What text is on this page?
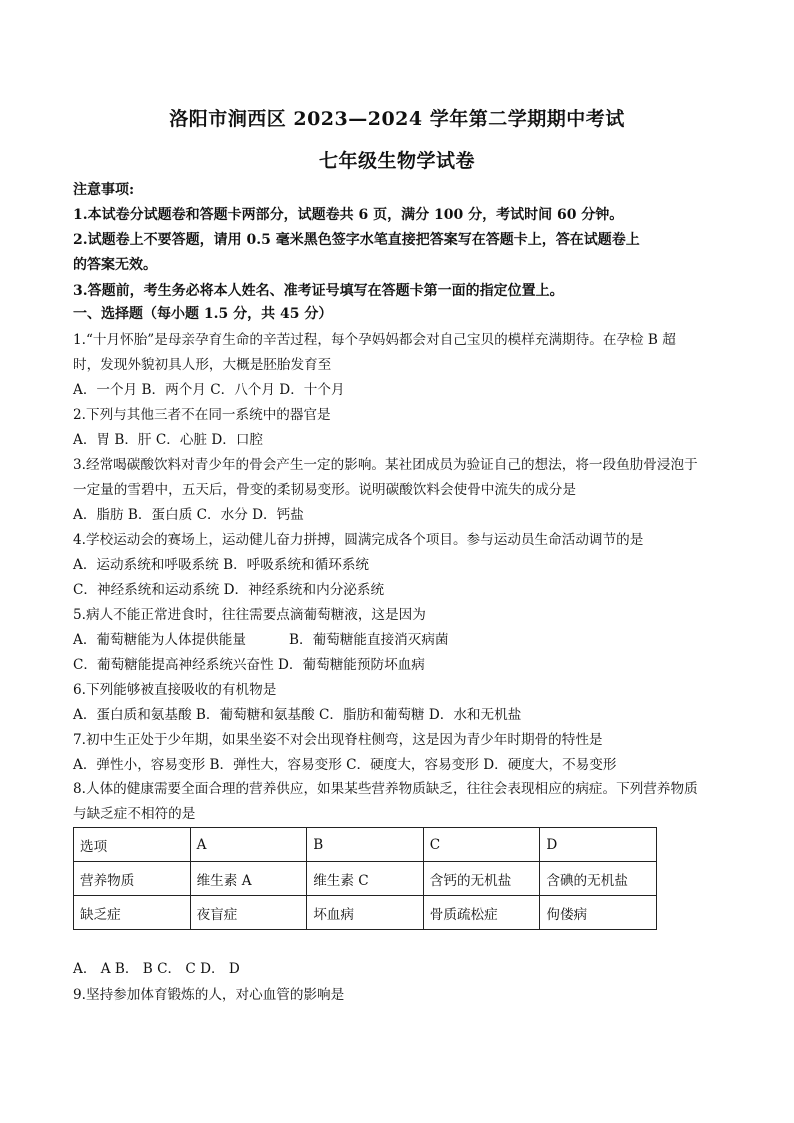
洛阳市涧西区 2023—2024 学年第二学期期中考试
七年级生物学试卷
注意事项:
1.本试卷分试题卷和答题卡两部分，试题卷共 6 页，满分 100 分，考试时间 60 分钟。
2.试题卷上不要答题，请用 0.5 毫米黑色签字水笔直接把答案写在答题卡上，答在试题卷上
的答案无效。
3.答题前，考生务必将本人姓名、准考证号填写在答题卡第一面的指定位置上。
一、选择题（每小题 1.5 分，共 45 分）
1.“十月怀胎”是母亲孕育生命的辛苦过程，每个孕妈妈都会对自己宝贝的模样充满期待。在孕检 B 超
时，发现外貌初具人形，大概是胚胎发育至
A．一个月 B．两个月 C．八个月 D．十个月
2.下列与其他三者不在同一系统中的器官是
A．胃 B．肝 C．心脏 D．口腔
3.经常喝碳酸饮料对青少年的骨会产生一定的影响。某社团成员为验证自己的想法，将一段鱼肋骨浸泡于
一定量的雪碧中，五天后，骨变的柔韧易变形。说明碳酸饮料会使骨中流失的成分是
A．脂肪 B．蛋白质 C．水分 D．钙盐
4.学校运动会的赛场上，运动健儿奋力拼搏，圆满完成各个项目。参与运动员生命活动调节的是
A．运动系统和呼吸系统 B．呼吸系统和循环系统
C．神经系统和运动系统 D．神经系统和内分泌系统
5.病人不能正常进食时，往往需要点滴葡萄糖液，这是因为
A．葡萄糖能为人体提供能量	B．葡萄糖能直接消灭病菌
C．葡萄糖能提高神经系统兴奋性 D．葡萄糖能预防坏血病
6.下列能够被直接吸收的有机物是
A．蛋白质和氨基酸 B．葡萄糖和氨基酸 C．脂肪和葡萄糖 D．水和无机盐
7.初中生正处于少年期，如果坐姿不对会出现脊柱侧弯，这是因为青少年时期骨的特性是
A．弹性小，容易变形 B．弹性大，容易变形 C．硬度大，容易变形 D．硬度大，不易变形
8.人体的健康需要全面合理的营养供应，如果某些营养物质缺乏，往往会表现相应的病症。下列营养物质
与缺乏症不相符的是
选项	A	B	C	D
营养物质	维生素 A	维生素 C	含钙的无机盐	含碘的无机盐
缺乏症	夜盲症	坏血病	骨质疏松症	佝偻病
A． A B． B C． C D． D
9.坚持参加体育锻炼的人，对心血管的影响是
